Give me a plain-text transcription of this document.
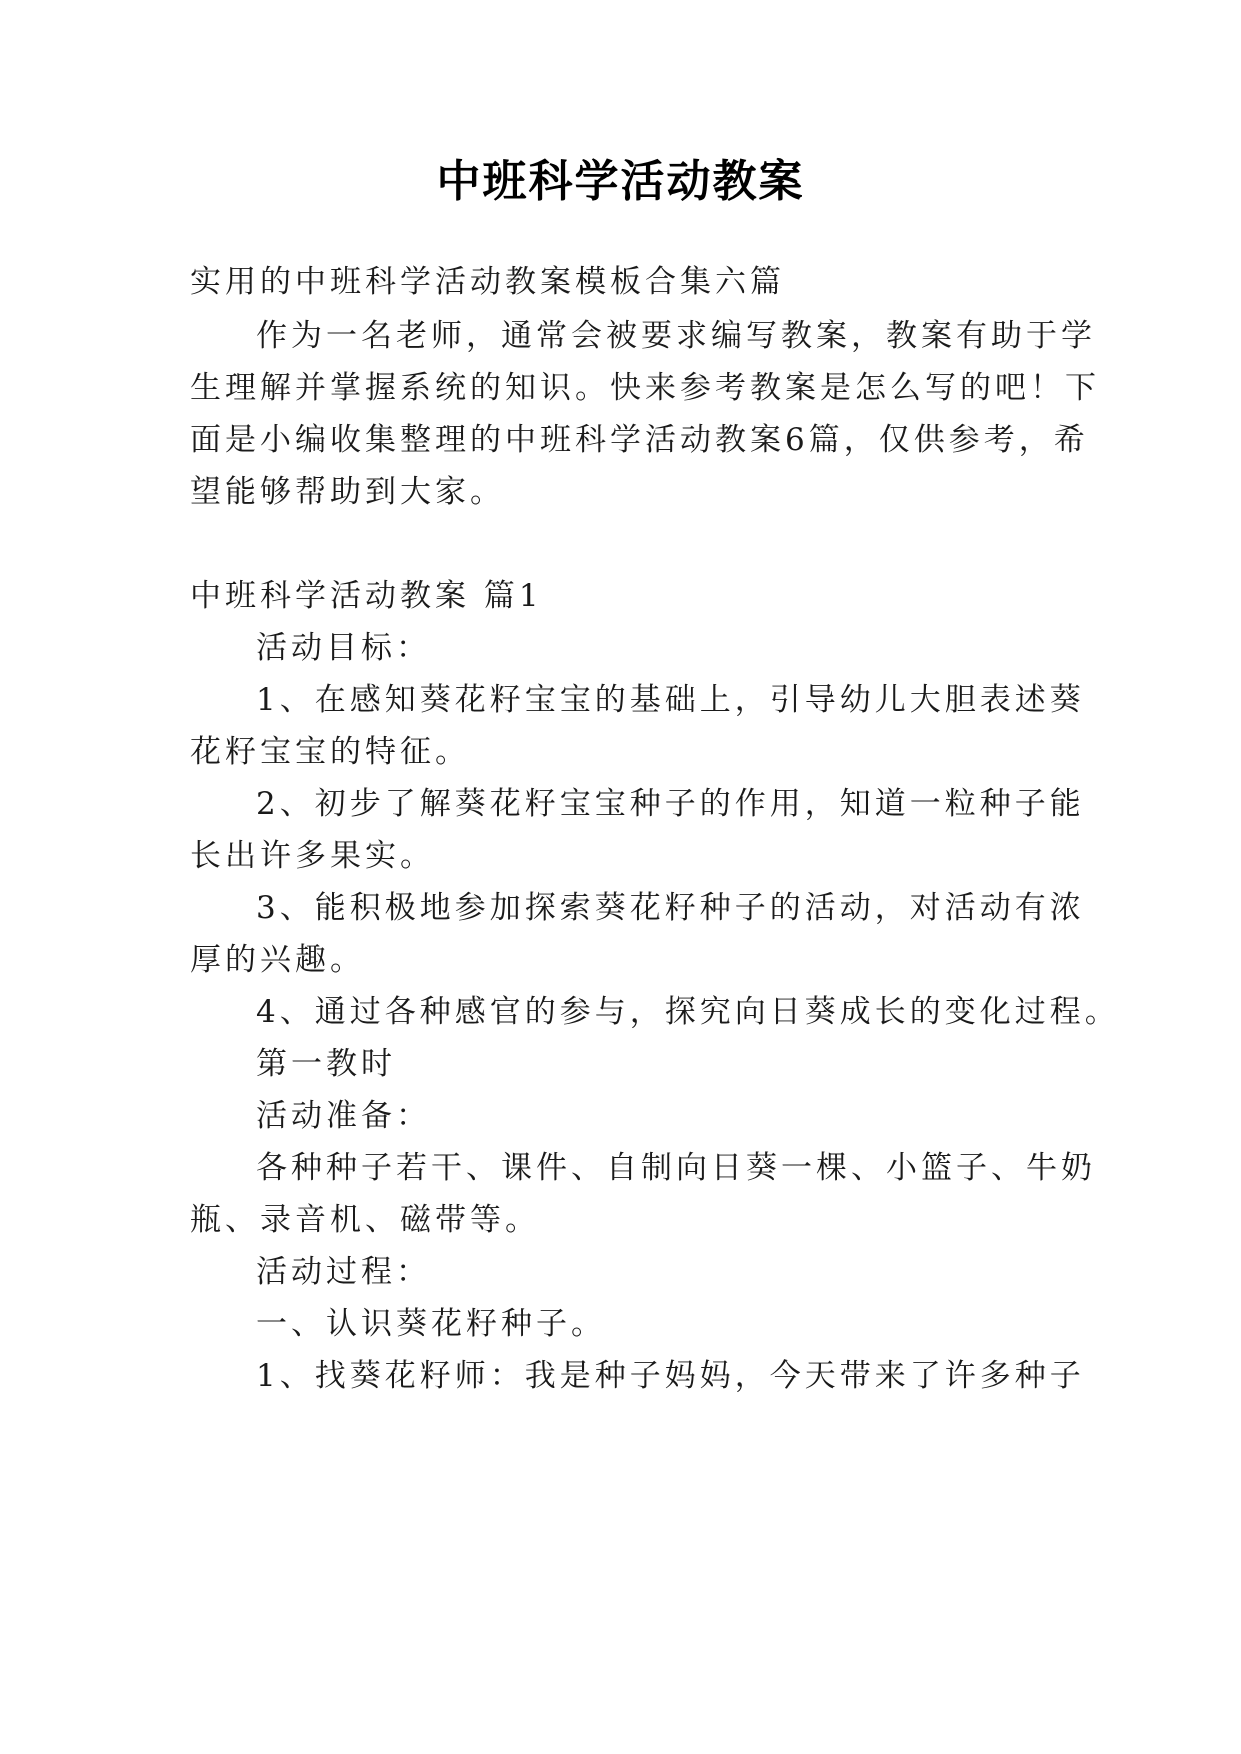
中班科学活动教案
实用的中班科学活动教案模板合集六篇
作为一名老师，通常会被要求编写教案，教案有助于学
生理解并掌握系统的知识。快来参考教案是怎么写的吧！下
面是小编收集整理的中班科学活动教案6篇，仅供参考，希
望能够帮助到大家。
中班科学活动教案 篇1
活动目标：
1、在感知葵花籽宝宝的基础上，引导幼儿大胆表述葵
花籽宝宝的特征。
2、初步了解葵花籽宝宝种子的作用，知道一粒种子能
长出许多果实。
3、能积极地参加探索葵花籽种子的活动，对活动有浓
厚的兴趣。
4、通过各种感官的参与，探究向日葵成长的变化过程。
第一教时
活动准备：
各种种子若干、课件、自制向日葵一棵、小篮子、牛奶
瓶、录音机、磁带等。
活动过程：
一、认识葵花籽种子。
1、找葵花籽师：我是种子妈妈，今天带来了许多种子
